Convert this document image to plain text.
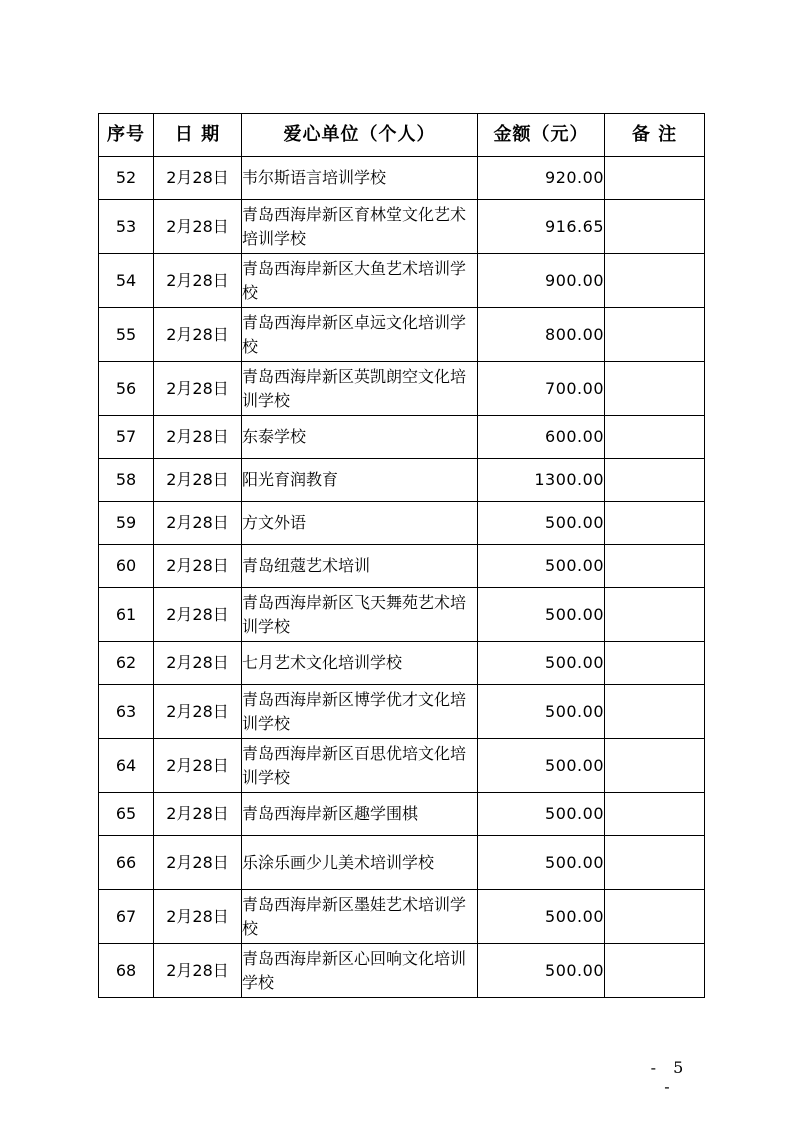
序号	日 期	爱心单位（个人）	金额（元）	备 注
52	2月28日	韦尔斯语言培训学校	920.00	
53	2月28日	青岛西海岸新区育林堂文化艺术培训学校	916.65	
54	2月28日	青岛西海岸新区大鱼艺术培训学校	900.00	
55	2月28日	青岛西海岸新区卓远文化培训学校	800.00	
56	2月28日	青岛西海岸新区英凯朗空文化培训学校	700.00	
57	2月28日	东泰学校	600.00	
58	2月28日	阳光育润教育	1300.00	
59	2月28日	方文外语	500.00	
60	2月28日	青岛纽蔻艺术培训	500.00	
61	2月28日	青岛西海岸新区飞天舞苑艺术培训学校	500.00	
62	2月28日	七月艺术文化培训学校	500.00	
63	2月28日	青岛西海岸新区博学优才文化培训学校	500.00	
64	2月28日	青岛西海岸新区百思优培文化培训学校	500.00	
65	2月28日	青岛西海岸新区趣学围棋	500.00	
66	2月28日	乐涂乐画少儿美术培训学校	500.00	
67	2月28日	青岛西海岸新区墨娃艺术培训学校	500.00	
68	2月28日	青岛西海岸新区心回响文化培训学校	500.00	
- 5 -
